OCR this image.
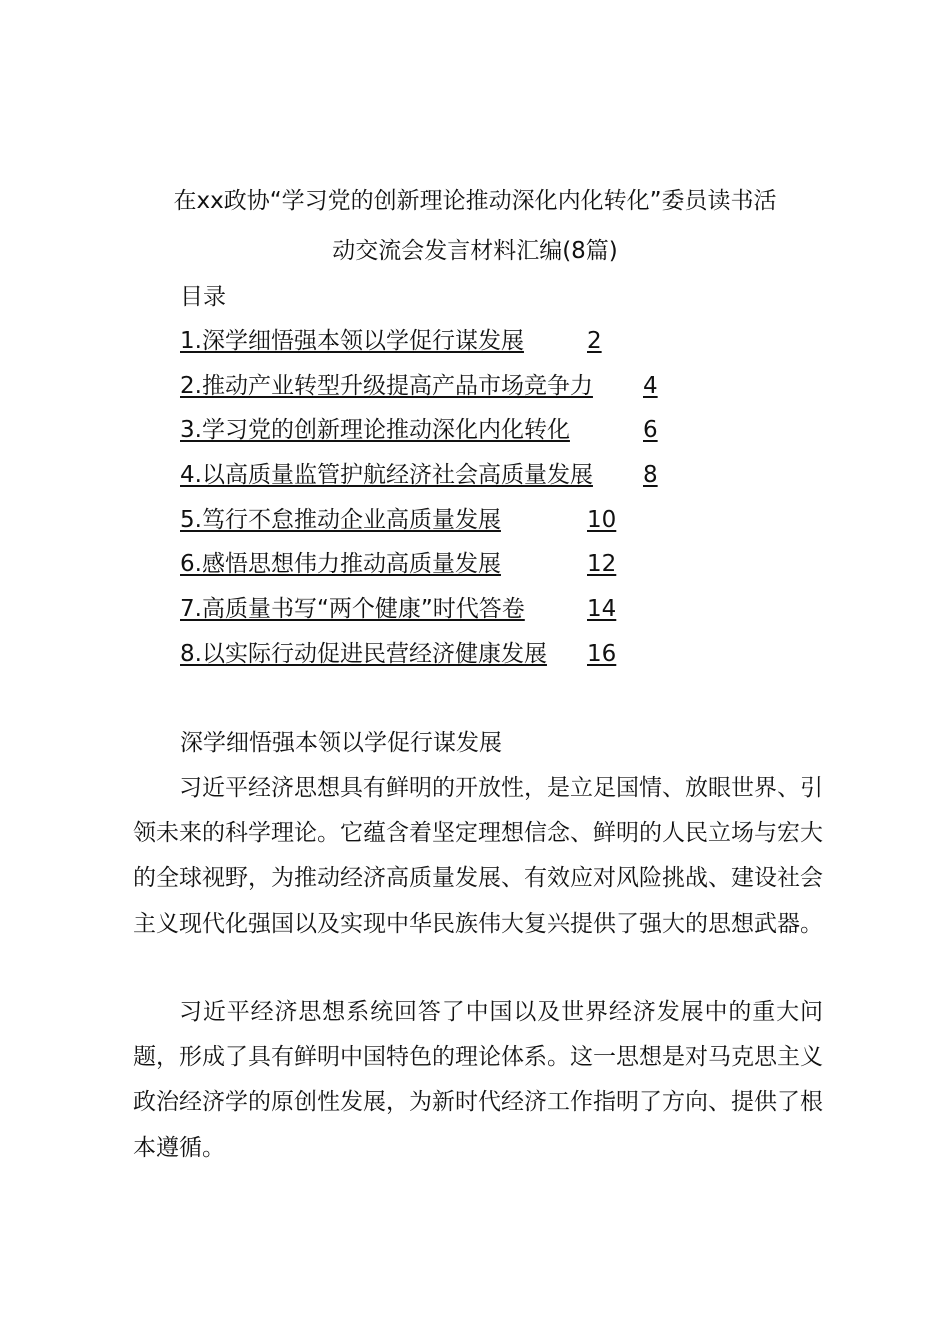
在xx政协“学习党的创新理论推动深化内化转化”委员读书活
动交流会发言材料汇编(8篇)
目录
1.深学细悟强本领以学促行谋发展	2
2.推动产业转型升级提高产品市场竞争力 4
3.学习党的创新理论推动深化内化转化	6
4.以高质量监管护航经济社会高质量发展 8
5.笃行不怠推动企业高质量发展	10
6.感悟思想伟力推动高质量发展	12
7.高质量书写“两个健康”时代答卷	14
8.以实际行动促进民营经济健康发展 16
深学细悟强本领以学促行谋发展

习近平经济思想具有鲜明的开放性，是立足国情、放眼世界、引领未来的科学理论。它蕴含着坚定理想信念、鲜明的人民立场与宏大的全球视野，为推动经济高质量发展、有效应对风险挑战、建设社会主义现代化强国以及实现中华民族伟大复兴提供了强大的思想武器。

习近平经济思想系统回答了中国以及世界经济发展中的重大问题，形成了具有鲜明中国特色的理论体系。这一思想是对马克思主义政治经济学的原创性发展，为新时代经济工作指明了方向、提供了根本遵循。
